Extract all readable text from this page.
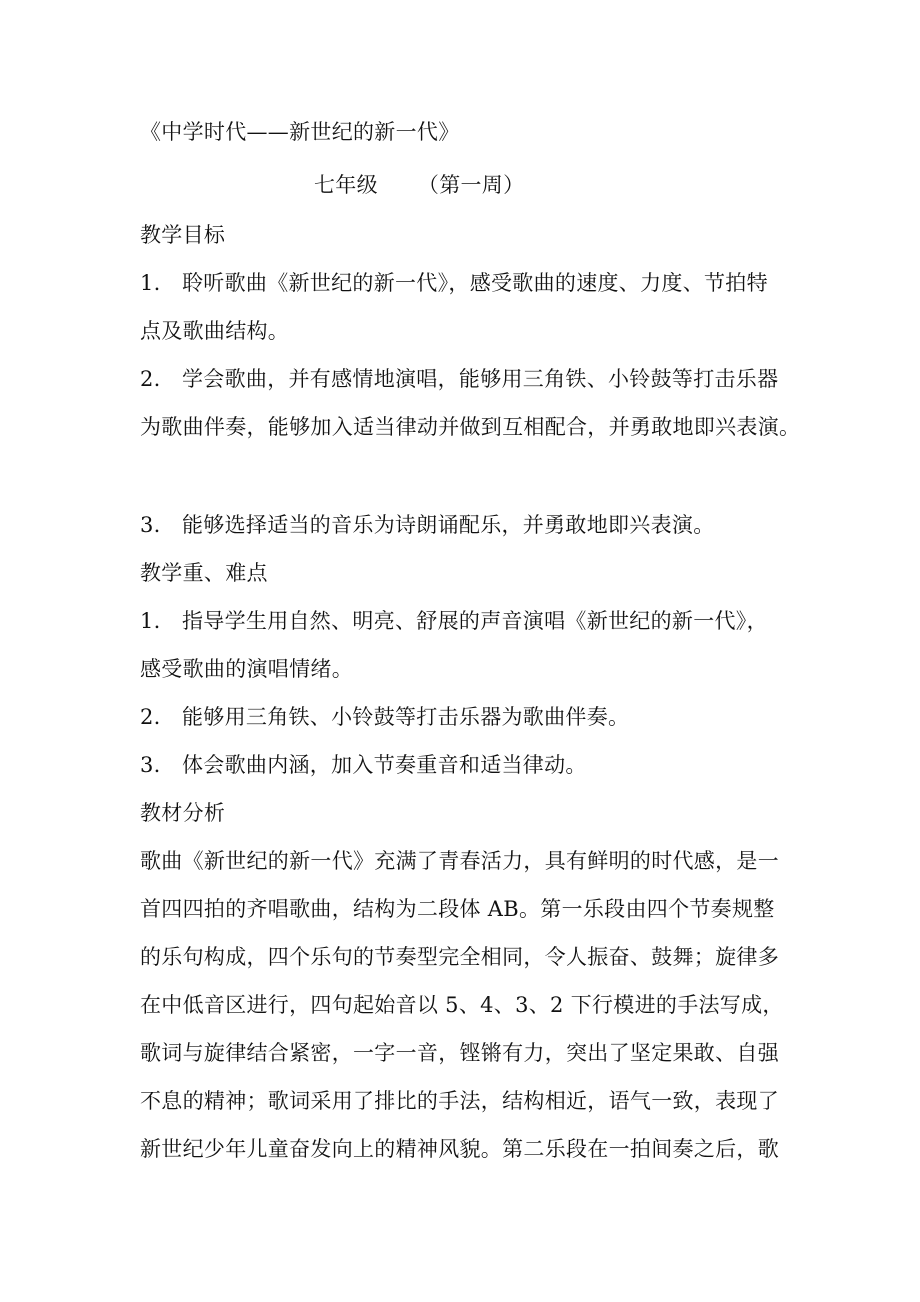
《中学时代——新世纪的新一代》
七年级 （第一周）
教学目标
1. 聆听歌曲《新世纪的新一代》，感受歌曲的速度、力度、节拍特
点及歌曲结构。
2. 学会歌曲，并有感情地演唱，能够用三角铁、小铃鼓等打击乐器
为歌曲伴奏，能够加入适当律动并做到互相配合，并勇敢地即兴表演。
3. 能够选择适当的音乐为诗朗诵配乐，并勇敢地即兴表演。
教学重、难点
1. 指导学生用自然、明亮、舒展的声音演唱《新世纪的新一代》，
感受歌曲的演唱情绪。
2. 能够用三角铁、小铃鼓等打击乐器为歌曲伴奏。
3. 体会歌曲内涵，加入节奏重音和适当律动。
教材分析
歌曲《新世纪的新一代》充满了青春活力，具有鲜明的时代感，是一
首四四拍的齐唱歌曲，结构为二段体 AB。第一乐段由四个节奏规整
的乐句构成，四个乐句的节奏型完全相同，令人振奋、鼓舞；旋律多
在中低音区进行，四句起始音以 5、4、3、2 下行模进的手法写成，
歌词与旋律结合紧密，一字一音，铿锵有力，突出了坚定果敢、自强
不息的精神；歌词采用了排比的手法，结构相近，语气一致，表现了
新世纪少年儿童奋发向上的精神风貌。第二乐段在一拍间奏之后，歌
